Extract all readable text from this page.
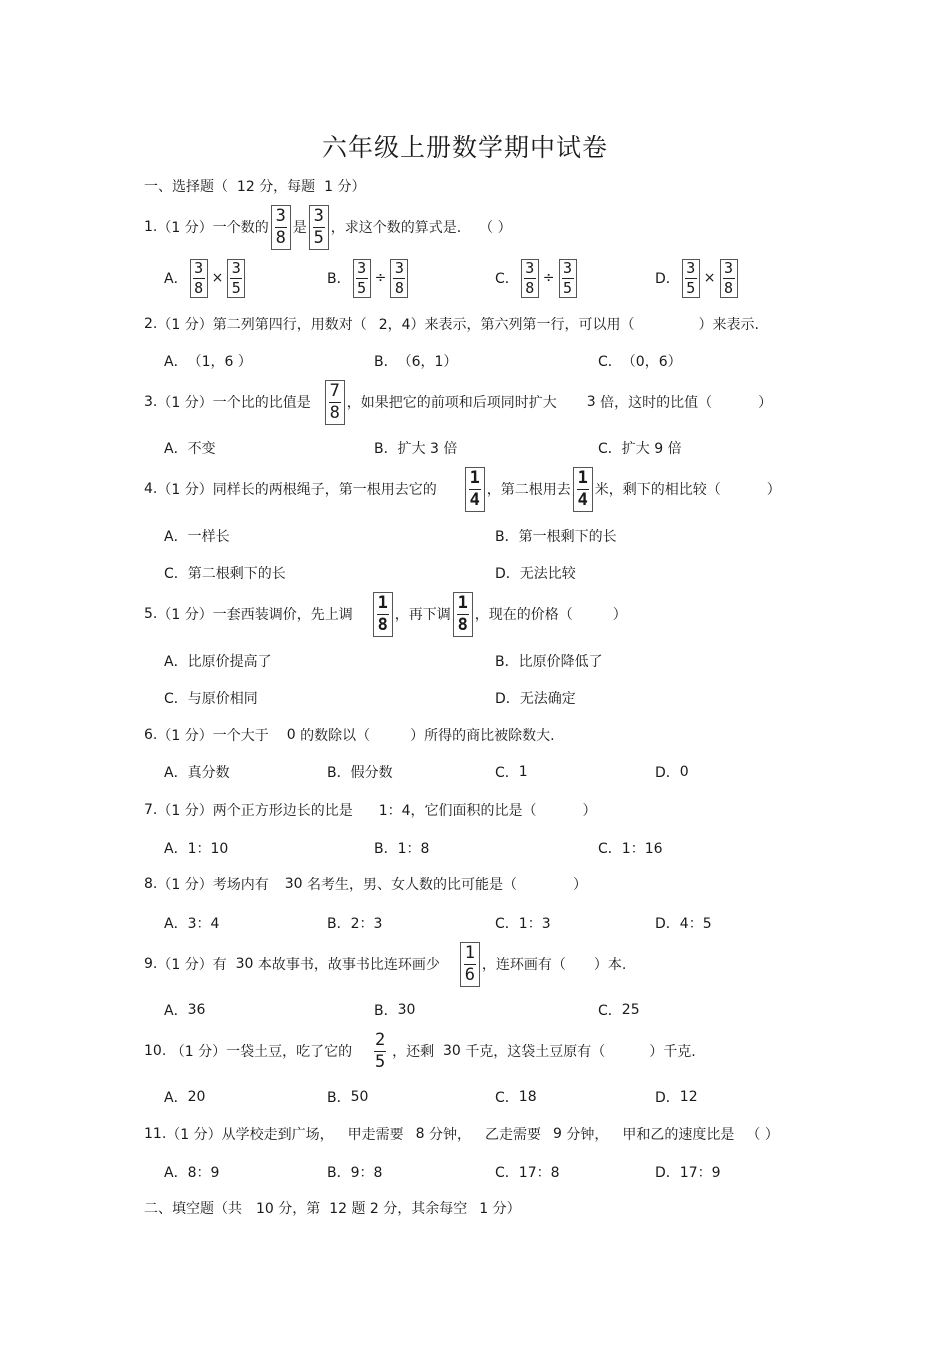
六年级上册数学期中试卷
一、选择题（ 12 分，每题 1 分）
1. （1 分） 一个数的 $\frac{3}{8}$ 是 $\frac{3}{5}$ ，求这个数的算式是. （ ）
A． $\frac{3}{8} \times \frac{3}{5}$	B． $\frac{3}{5} \div \frac{3}{8}$	C． $\frac{3}{8} \div \frac{3}{5}$	D． $\frac{3}{5} \times \frac{3}{8}$
2. （1 分） 第二列第四行，用数对（ 2，4） 来表示，第六列第一行，可以用（	）来表示.
A． （1，6 ）	B． （6，1）	C． （0，6）
3. （1 分） 一个比的比值是 $\frac{7}{8}$ ，如果把它的前项和后项同时扩大 3
倍，这时的比值（	）
A． 不变	B． 扩大 3 倍	C． 扩大 9 倍
4. （1 分） 同样长的两根绳子，第一根用去它的 $\frac{1}{4}$ ，第二根用去 $\frac{1}{4}$ 米，剩下的相比较（	）
A． 一样长	B． 第一根剩下的长
C． 第二根剩下的长	D． 无法比较
5. （1 分） 一套西装调价，先上调 $\frac{1}{8}$ ，再下调 $\frac{1}{8}$ ，现在的价格（	）
A． 比原价提高了	B． 比原价降低了
C． 与原价相同	D． 无法确定
6. （1 分） 一个大于 0
的数除以（	）所得的商比被除数大.
A． 真分数	B． 假分数	C． 1	D． 0
7. （1 分） 两个正方形边长的比是 1：4， 它们面积的比是（	）
A． 1：10	B． 1：8	C． 1：16
8. （1 分） 考场内有 30
名考生，男、女人数的比可能是（	）
A． 3：4	B． 2：3	C． 1：3	D． 4：5
9. （1 分） 有
30
本故事书，故事书比连环画少 $\frac{1}{6}$ ，连环画有（ ）本.
A． 36	B． 30	C． 25
10.
（1 分） 一袋土豆，吃了它的 $\frac{2}{5}$ ，还剩
30
千克，这袋土豆原有（	）千克.
A． 20	B． 50	C． 18	D． 12
11. （1 分） 从学校走到广场， 甲走需要 8
分钟， 乙走需要 9
分钟， 甲和乙的速度比是 （ ）
A． 8：9	B． 9：8	C． 17：8	D． 17：9
二、填空题（共 10 分，第 12 题 2 分，其余每空 1 分）
